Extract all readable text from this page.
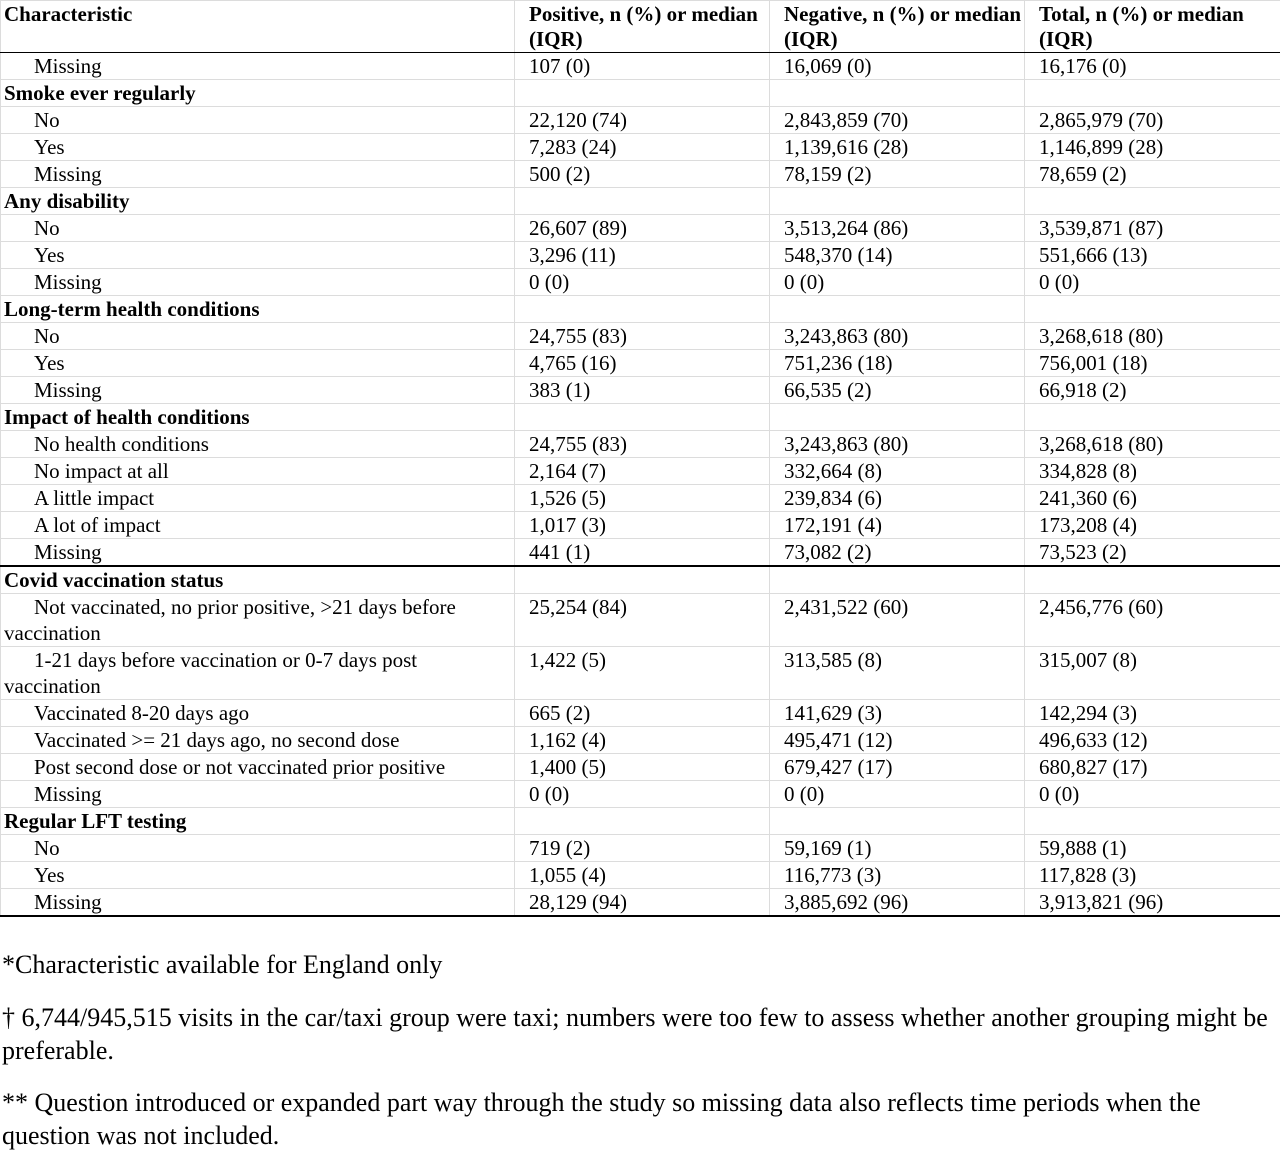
Characteristic	Positive, n (%) or median (IQR)	Negative, n (%) or median (IQR)	Total, n (%) or median (IQR)
Missing	107 (0)	16,069 (0)	16,176 (0)
Smoke ever regularly			
No	22,120 (74)	2,843,859 (70)	2,865,979 (70)
Yes	7,283 (24)	1,139,616 (28)	1,146,899 (28)
Missing	500 (2)	78,159 (2)	78,659 (2)
Any disability			
No	26,607 (89)	3,513,264 (86)	3,539,871 (87)
Yes	3,296 (11)	548,370 (14)	551,666 (13)
Missing	0 (0)	0 (0)	0 (0)
Long-term health conditions			
No	24,755 (83)	3,243,863 (80)	3,268,618 (80)
Yes	4,765 (16)	751,236 (18)	756,001 (18)
Missing	383 (1)	66,535 (2)	66,918 (2)
Impact of health conditions			
No health conditions	24,755 (83)	3,243,863 (80)	3,268,618 (80)
No impact at all	2,164 (7)	332,664 (8)	334,828 (8)
A little impact	1,526 (5)	239,834 (6)	241,360 (6)
A lot of impact	1,017 (3)	172,191 (4)	173,208 (4)
Missing	441 (1)	73,082 (2)	73,523 (2)
Covid vaccination status			
Not vaccinated, no prior positive, >21 days before vaccination	25,254 (84)	2,431,522 (60)	2,456,776 (60)
1-21 days before vaccination or 0-7 days post vaccination	1,422 (5)	313,585 (8)	315,007 (8)
Vaccinated 8-20 days ago	665 (2)	141,629 (3)	142,294 (3)
Vaccinated >= 21 days ago, no second dose	1,162 (4)	495,471 (12)	496,633 (12)
Post second dose or not vaccinated prior positive	1,400 (5)	679,427 (17)	680,827 (17)
Missing	0 (0)	0 (0)	0 (0)
Regular LFT testing			
No	719 (2)	59,169 (1)	59,888 (1)
Yes	1,055 (4)	116,773 (3)	117,828 (3)
Missing	28,129 (94)	3,885,692 (96)	3,913,821 (96)

*Characteristic available for England only

† 6,744/945,515 visits in the car/taxi group were taxi; numbers were too few to assess whether another grouping might be preferable.

** Question introduced or expanded part way through the study so missing data also reflects time periods when the question was not included.
